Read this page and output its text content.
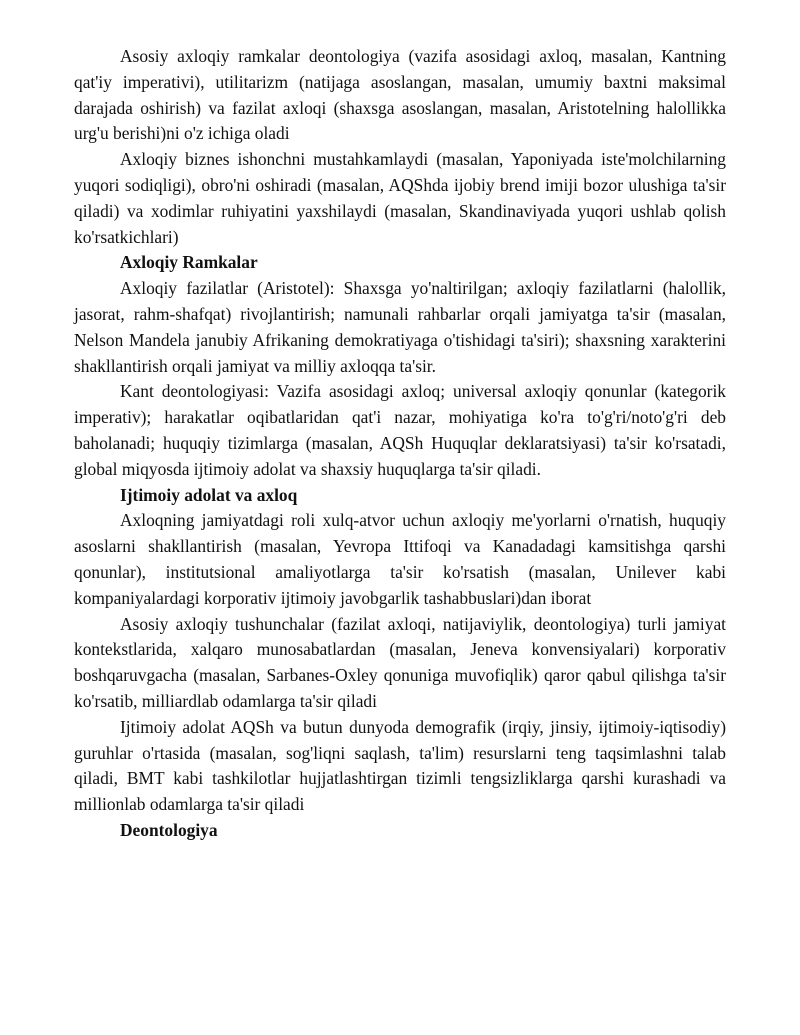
Asosiy axloqiy ramkalar deontologiya (vazifa asosidagi axloq, masalan, Kantning qat'iy imperativi), utilitarizm (natijaga asoslangan, masalan, umumiy baxtni maksimal darajada oshirish) va fazilat axloqi (shaxsga asoslangan, masalan, Aristotelning halollikka urg'u berishi)ni o'z ichiga oladi

Axloqiy biznes ishonchni mustahkamlaydi (masalan, Yaponiyada iste'molchilarning yuqori sodiqligi), obro'ni oshiradi (masalan, AQShda ijobiy brend imiji bozor ulushiga ta'sir qiladi) va xodimlar ruhiyatini yaxshilaydi (masalan, Skandinaviyada yuqori ushlab qolish ko'rsatkichlari)

Axloqiy Ramkalar

Axloqiy fazilatlar (Aristotel): Shaxsga yo'naltirilgan; axloqiy fazilatlarni (halollik, jasorat, rahm-shafqat) rivojlantirish; namunali rahbarlar orqali jamiyatga ta'sir (masalan, Nelson Mandela janubiy Afrikaning demokratiyaga o'tishidagi ta'siri); shaxsning xarakterini shakllantirish orqali jamiyat va milliy axloqqa ta'sir.

Kant deontologiyasi: Vazifa asosidagi axloq; universal axloqiy qonunlar (kategorik imperativ); harakatlar oqibatlaridan qat'i nazar, mohiyatiga ko'ra to'g'ri/noto'g'ri deb baholanadi; huquqiy tizimlarga (masalan, AQSh Huquqlar deklaratsiyasi) ta'sir ko'rsatadi, global miqyosda ijtimoiy adolat va shaxsiy huquqlarga ta'sir qiladi.

Ijtimoiy adolat va axloq

Axloqning jamiyatdagi roli xulq-atvor uchun axloqiy me'yorlarni o'rnatish, huquqiy asoslarni shakllantirish (masalan, Yevropa Ittifoqi va Kanadadagi kamsitishga qarshi qonunlar), institutsional amaliyotlarga ta'sir ko'rsatish (masalan, Unilever kabi kompaniyalardagi korporativ ijtimoiy javobgarlik tashabbuslari)dan iborat

Asosiy axloqiy tushunchalar (fazilat axloqi, natijaviylik, deontologiya) turli jamiyat kontekstlarida, xalqaro munosabatlardan (masalan, Jeneva konvensiyalari) korporativ boshqaruvgacha (masalan, Sarbanes-Oxley qonuniga muvofiqlik) qaror qabul qilishga ta'sir ko'rsatib, milliardlab odamlarga ta'sir qiladi

Ijtimoiy adolat AQSh va butun dunyoda demografik (irqiy, jinsiy, ijtimoiy-iqtisodiy) guruhlar o'rtasida (masalan, sog'liqni saqlash, ta'lim) resurslarni teng taqsimlashni talab qiladi, BMT kabi tashkilotlar hujjatlashtirgan tizimli tengsizliklarga qarshi kurashadi va millionlab odamlarga ta'sir qiladi

Deontologiya
